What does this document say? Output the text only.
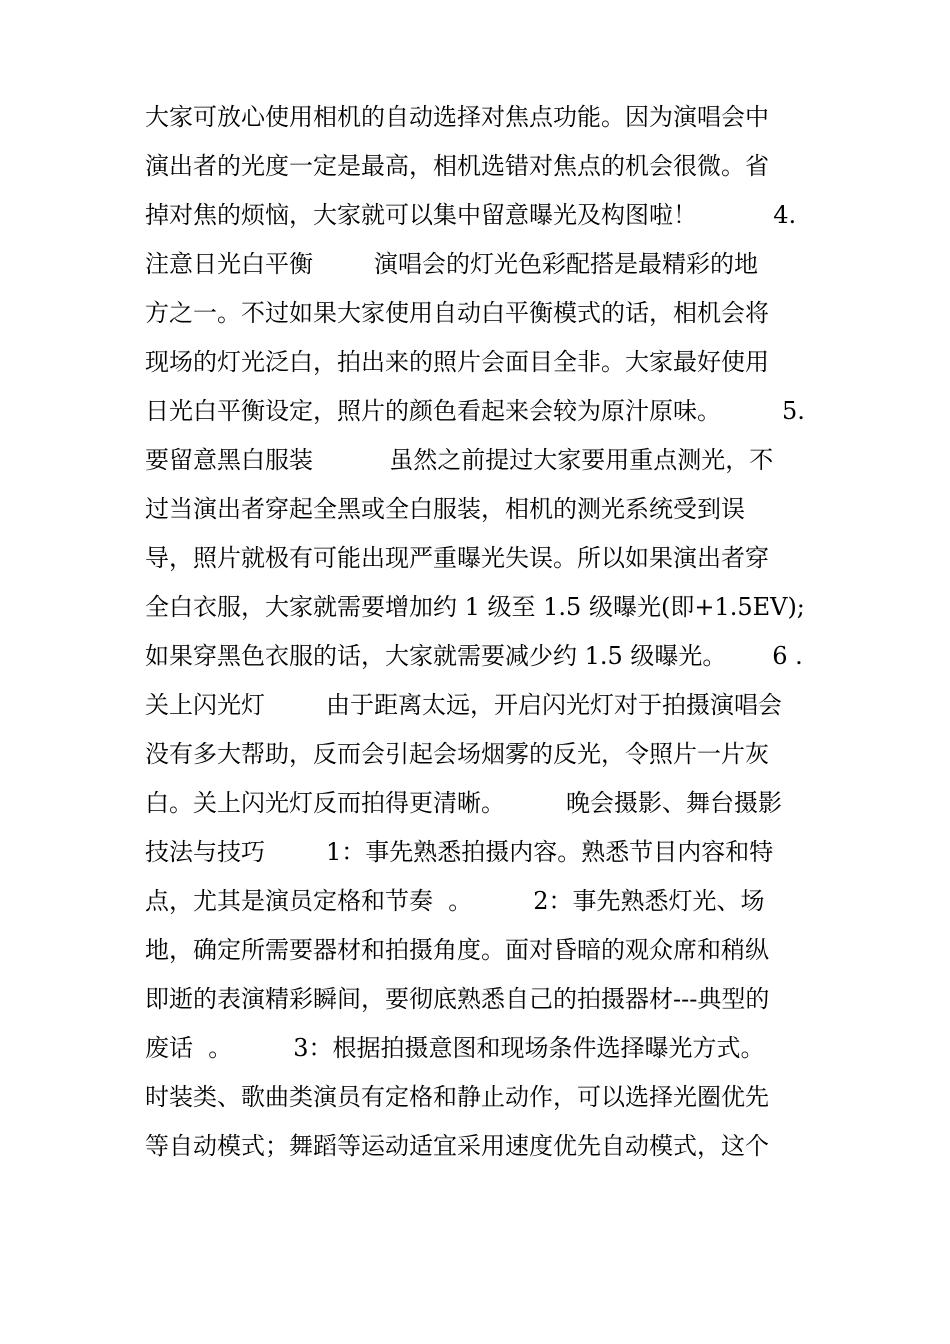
大家可放心使用相机的自动选择对焦点功能。因为演唱会中
演出者的光度一定是最高，相机选错对焦点的机会很微。省
掉对焦的烦恼，大家就可以集中留意曝光及构图啦！          4.
注意日光白平衡        演唱会的灯光色彩配搭是最精彩的地
方之一。不过如果大家使用自动白平衡模式的话，相机会将
现场的灯光泛白，拍出来的照片会面目全非。大家最好使用
日光白平衡设定，照片的颜色看起来会较为原汁原味。        5.
要留意黑白服装          虽然之前提过大家要用重点测光，不
过当演出者穿起全黑或全白服装，相机的测光系统受到误
导，照片就极有可能出现严重曝光失误。所以如果演出者穿
全白衣服，大家就需要增加约 1 级至 1.5 级曝光(即+1.5EV);
如果穿黑色衣服的话，大家就需要减少约 1.5 级曝光。      6 .
关上闪光灯        由于距离太远，开启闪光灯对于拍摄演唱会
没有多大帮助，反而会引起会场烟雾的反光，令照片一片灰
白。关上闪光灯反而拍得更清晰。        晚会摄影、舞台摄影
技法与技巧        1：事先熟悉拍摄内容。熟悉节目内容和特
点，尤其是演员定格和节奏  。        2：事先熟悉灯光、场
地，确定所需要器材和拍摄角度。面对昏暗的观众席和稍纵
即逝的表演精彩瞬间，要彻底熟悉自己的拍摄器材---典型的
废话  。        3：根据拍摄意图和现场条件选择曝光方式。
时装类、歌曲类演员有定格和静止动作，可以选择光圈优先
等自动模式；舞蹈等运动适宜采用速度优先自动模式，这个
